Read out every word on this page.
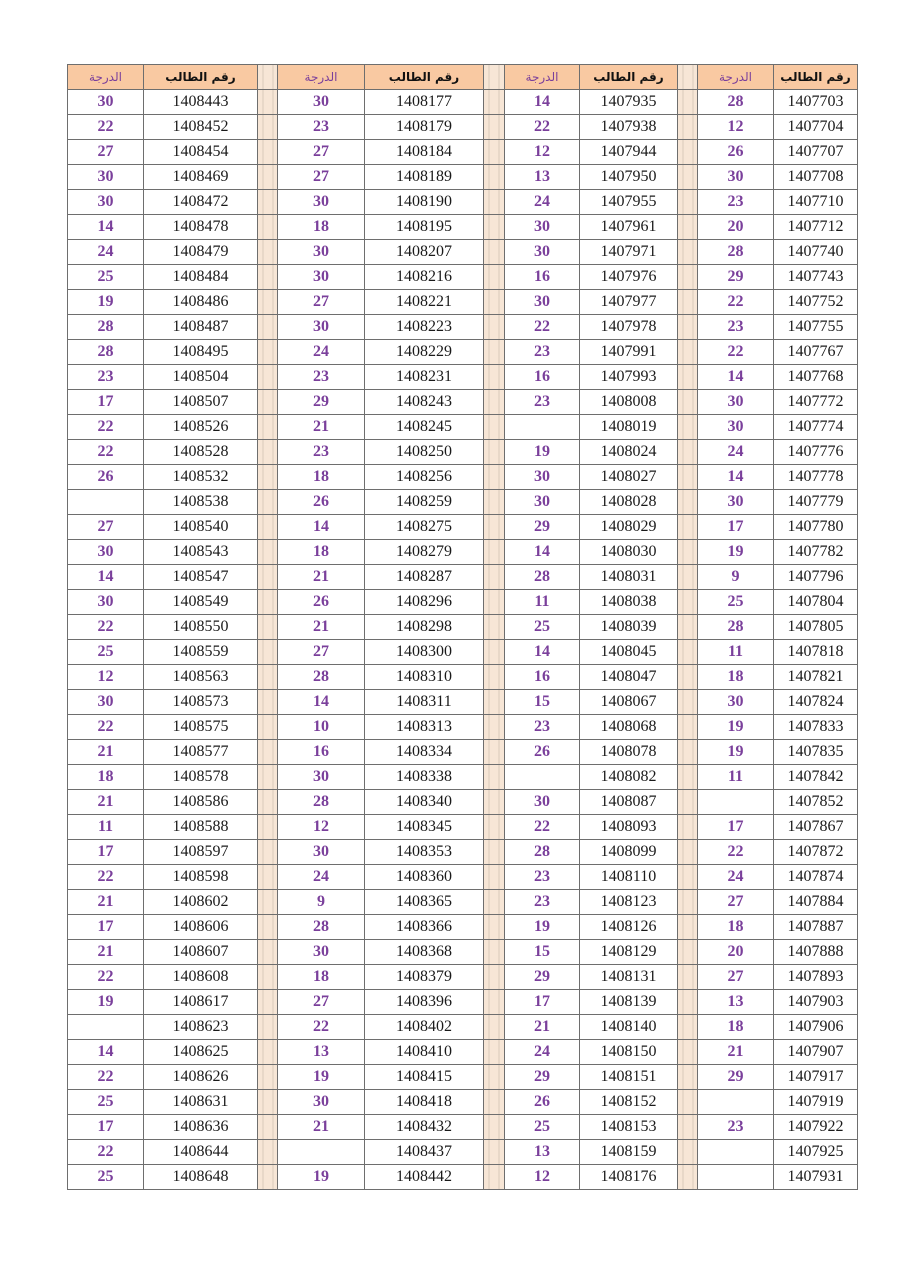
الدرجة	رقم الطالب		الدرجة	رقم الطالب		الدرجة	رقم الطالب		الدرجة	رقم الطالب
30	1408443		30	1408177		14	1407935		28	1407703
22	1408452		23	1408179		22	1407938		12	1407704
27	1408454		27	1408184		12	1407944		26	1407707
30	1408469		27	1408189		13	1407950		30	1407708
30	1408472		30	1408190		24	1407955		23	1407710
14	1408478		18	1408195		30	1407961		20	1407712
24	1408479		30	1408207		30	1407971		28	1407740
25	1408484		30	1408216		16	1407976		29	1407743
19	1408486		27	1408221		30	1407977		22	1407752
28	1408487		30	1408223		22	1407978		23	1407755
28	1408495		24	1408229		23	1407991		22	1407767
23	1408504		23	1408231		16	1407993		14	1407768
17	1408507		29	1408243		23	1408008		30	1407772
22	1408526		21	1408245			1408019		30	1407774
22	1408528		23	1408250		19	1408024		24	1407776
26	1408532		18	1408256		30	1408027		14	1407778
	1408538		26	1408259		30	1408028		30	1407779
27	1408540		14	1408275		29	1408029		17	1407780
30	1408543		18	1408279		14	1408030		19	1407782
14	1408547		21	1408287		28	1408031		9	1407796
30	1408549		26	1408296		11	1408038		25	1407804
22	1408550		21	1408298		25	1408039		28	1407805
25	1408559		27	1408300		14	1408045		11	1407818
12	1408563		28	1408310		16	1408047		18	1407821
30	1408573		14	1408311		15	1408067		30	1407824
22	1408575		10	1408313		23	1408068		19	1407833
21	1408577		16	1408334		26	1408078		19	1407835
18	1408578		30	1408338			1408082		11	1407842
21	1408586		28	1408340		30	1408087			1407852
11	1408588		12	1408345		22	1408093		17	1407867
17	1408597		30	1408353		28	1408099		22	1407872
22	1408598		24	1408360		23	1408110		24	1407874
21	1408602		9	1408365		23	1408123		27	1407884
17	1408606		28	1408366		19	1408126		18	1407887
21	1408607		30	1408368		15	1408129		20	1407888
22	1408608		18	1408379		29	1408131		27	1407893
19	1408617		27	1408396		17	1408139		13	1407903
	1408623		22	1408402		21	1408140		18	1407906
14	1408625		13	1408410		24	1408150		21	1407907
22	1408626		19	1408415		29	1408151		29	1407917
25	1408631		30	1408418		26	1408152			1407919
17	1408636		21	1408432		25	1408153		23	1407922
22	1408644			1408437		13	1408159			1407925
25	1408648		19	1408442		12	1408176			1407931
